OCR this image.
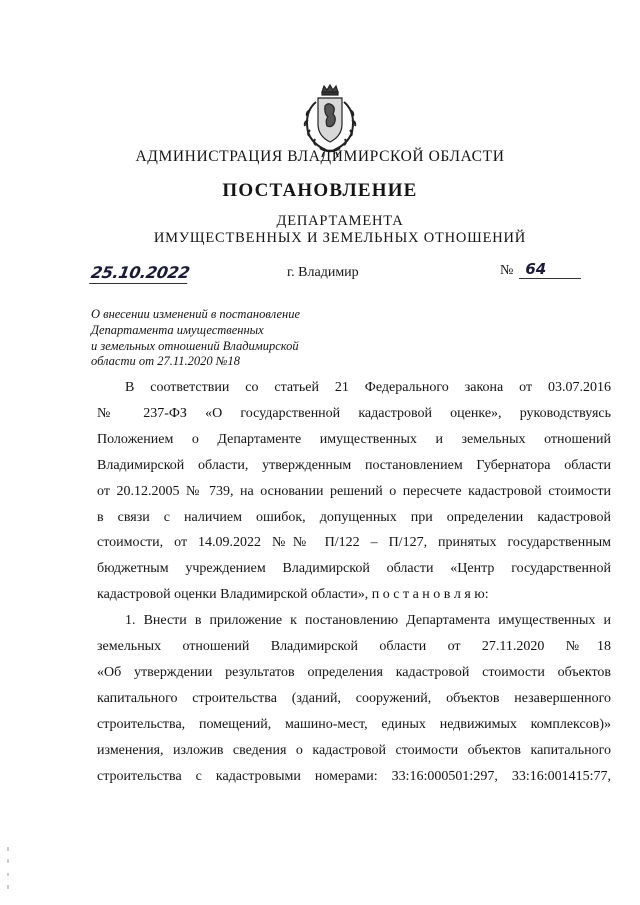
АДМИНИСТРАЦИЯ ВЛАДИМИРСКОЙ ОБЛАСТИ
ПОСТАНОВЛЕНИЕ
ДЕПАРТАМЕНТА
ИМУЩЕСТВЕННЫХ И ЗЕМЕЛЬНЫХ ОТНОШЕНИЙ
25.10.2022	г. Владимир	№ 64
О внесении изменений в постановление
Департамента имущественных
и земельных отношений Владимирской
области от 27.11.2020 №18

В соответствии со статьей 21 Федерального закона от 03.07.2016

№ 237-ФЗ «О государственной кадастровой оценке», руководствуясь

Положением о Департаменте имущественных и земельных отношений

Владимирской области, утвержденным постановлением Губернатора области

от 20.12.2005 № 739, на основании решений о пересчете кадастровой стоимости

в связи с наличием ошибок, допущенных при определении кадастровой

стоимости, от 14.09.2022 №№ П/122 – П/127, принятых государственным

бюджетным учреждением Владимирской области «Центр государственной

кадастровой оценки Владимирской области», п о с т а н о в л я ю:

1. Внести в приложение к постановлению Департамента имущественных и

земельных отношений Владимирской области от 27.11.2020 №18

«Об утверждении результатов определения кадастровой стоимости объектов

капитального строительства (зданий, сооружений, объектов незавершенного

строительства, помещений, машино-мест, единых недвижимых комплексов)»

изменения, изложив сведения о кадастровой стоимости объектов капитального

строительства с кадастровыми номерами: 33:16:000501:297, 33:16:001415:77,
